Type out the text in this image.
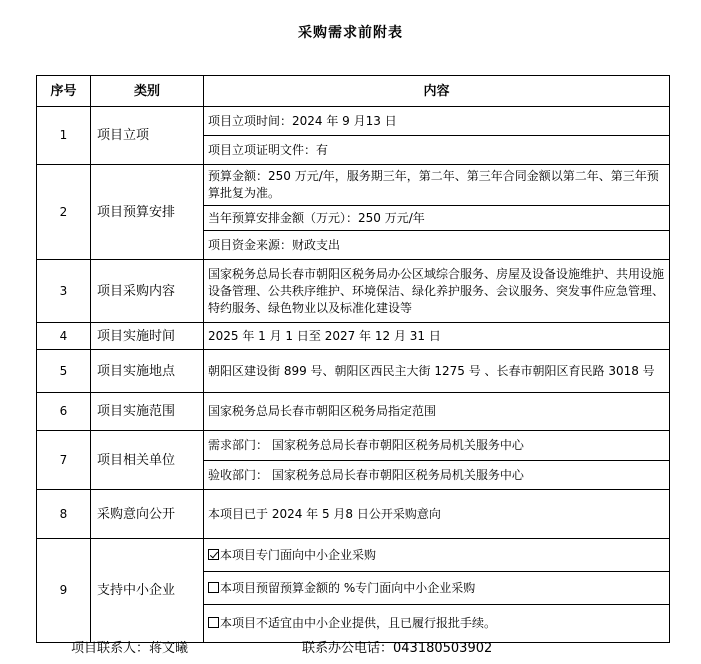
采购需求前附表
序号	类别	内容
1	项目立项	项目立项时间：2024 年 9 月13 日
		项目立项证明文件：有
2	项目预算安排	预算金额：250 万元/年，服务期三年，第二年、第三年合同金额以第二年、第三年预算批复为准。
		当年预算安排金额（万元）：250 万元/年
		项目资金来源：财政支出
3	项目采购内容	国家税务总局长春市朝阳区税务局办公区域综合服务、房屋及设备设施维护、共用设施设备管理、公共秩序维护、环境保洁、绿化养护服务、会议服务、突发事件应急管理、特约服务、绿色物业以及标准化建设等
4	项目实施时间	2025 年 1 月 1 日至 2027 年 12 月 31 日
5	项目实施地点	朝阳区建设街 899 号、朝阳区西民主大街 1275 号 、长春市朝阳区育民路 3018 号
6	项目实施范围	国家税务总局长春市朝阳区税务局指定范围
7	项目相关单位	需求部门： 国家税务总局长春市朝阳区税务局机关服务中心
		验收部门： 国家税务总局长春市朝阳区税务局机关服务中心
8	采购意向公开	本项目已于 2024 年 5 月8 日公开采购意向
9	支持中小企业	本项目专门面向中小企业采购
		本项目预留预算金额的 %专门面向中小企业采购
		本项目不适宜由中小企业提供，且已履行报批手续。
项目联系人：蒋文曦	联系办公电话：043180503902
